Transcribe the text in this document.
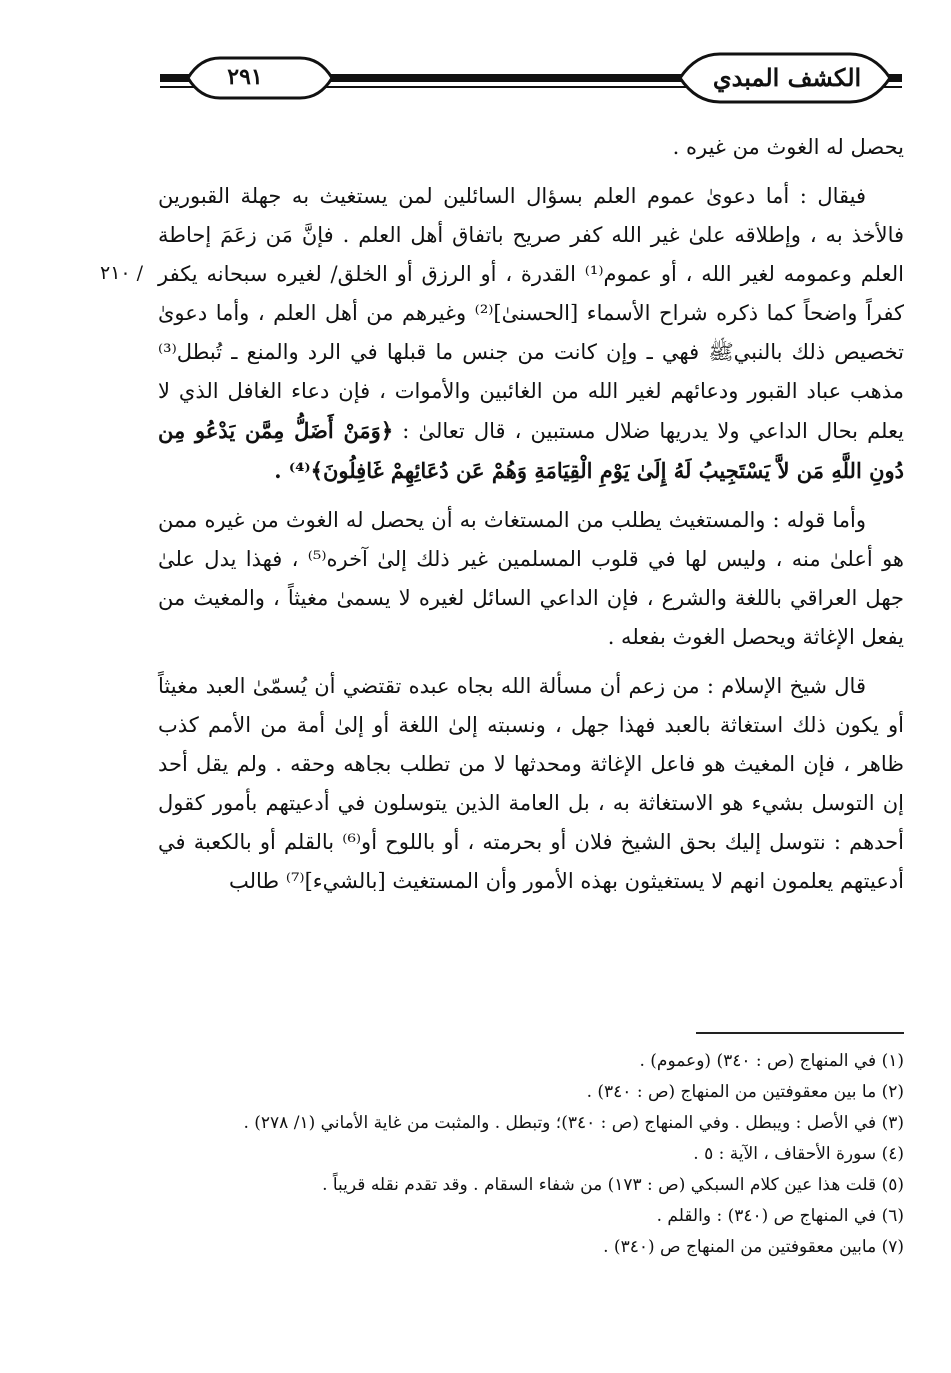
الكشف المبدي
٢٩١
/ ٢١٠

يحصل له الغوث من غيره .

فيقال : أما دعوىٰ عموم العلم بسؤال السائلين لمن يستغيث به جهلة القبورين فالأخذ به ، وإطلاقه علىٰ غير الله كفر صريح باتفاق أهل العلم . فإنَّ مَن زعَمَ إحاطة العلم وعمومه لغير الله ، أو عموم⁽¹⁾ القدرة ، أو الرزق أو الخلق/ لغيره سبحانه يكفر كفراً واضحاً كما ذكره شراح الأسماء [الحسنىٰ]⁽²⁾ وغيرهم من أهل العلم ، وأما دعوىٰ تخصيص ذلك بالنبيﷺ فهي ـ وإن كانت من جنس ما قبلها في الرد والمنع ـ تُبطل⁽³⁾ مذهب عباد القبور ودعائهم لغير الله من الغائبين والأموات ، فإن دعاء الغافل الذي لا يعلم بحال الداعي ولا يدريها ضلال مستبين ، قال تعالىٰ : ﴿وَمَنْ أَضَلُّ مِمَّن يَدْعُو مِن دُونِ اللَّهِ مَن لاَّ يَسْتَجِيبُ لَهُ إِلَىٰ يَوْمِ الْقِيَامَةِ وَهُمْ عَن دُعَائِهِمْ غَافِلُونَ﴾⁽⁴⁾ .

وأما قوله : والمستغيث يطلب من المستغاث به أن يحصل له الغوث من غيره ممن هو أعلىٰ منه ، وليس لها في قلوب المسلمين غير ذلك إلىٰ آخره⁽⁵⁾ ، فهذا يدل علىٰ جهل العراقي باللغة والشرع ، فإن الداعي السائل لغيره لا يسمىٰ مغيثاً ، والمغيث من يفعل الإغاثة ويحصل الغوث بفعله .

قال شيخ الإسلام : من زعم أن مسألة الله بجاه عبده تقتضي أن يُسمّىٰ العبد مغيثاً أو يكون ذلك استغاثة بالعبد فهذا جهل ، ونسبته إلىٰ اللغة أو إلىٰ أمة من الأمم كذب ظاهر ، فإن المغيث هو فاعل الإغاثة ومحدثها لا من تطلب بجاهه وحقه . ولم يقل أحد إن التوسل بشيء هو الاستغاثة به ، بل العامة الذين يتوسلون في أدعيتهم بأمور كقول أحدهم : نتوسل إليك بحق الشيخ فلان أو بحرمته ، أو باللوح أو⁽⁶⁾ بالقلم أو بالكعبة في أدعيتهم يعلمون انهم لا يستغيثون بهذه الأمور وأن المستغيث [بالشيء]⁽⁷⁾ طالب

(١) في المنهاج (ص : ٣٤٠) (وعموم) .
(٢) ما بين معقوفتين من المنهاج (ص : ٣٤٠) .
(٣) في الأصل : ويبطل . وفي المنهاج (ص : ٣٤٠)؛ وتبطل . والمثبت من غاية الأماني (١/ ٢٧٨) .
(٤) سورة الأحقاف ، الآية : ٥ .
(٥) قلت هذا عين كلام السبكي (ص : ١٧٣) من شفاء السقام . وقد تقدم نقله قريباً .
(٦) في المنهاج ص (٣٤٠) : والقلم .
(٧) مابين معقوفتين من المنهاج ص (٣٤٠) .
